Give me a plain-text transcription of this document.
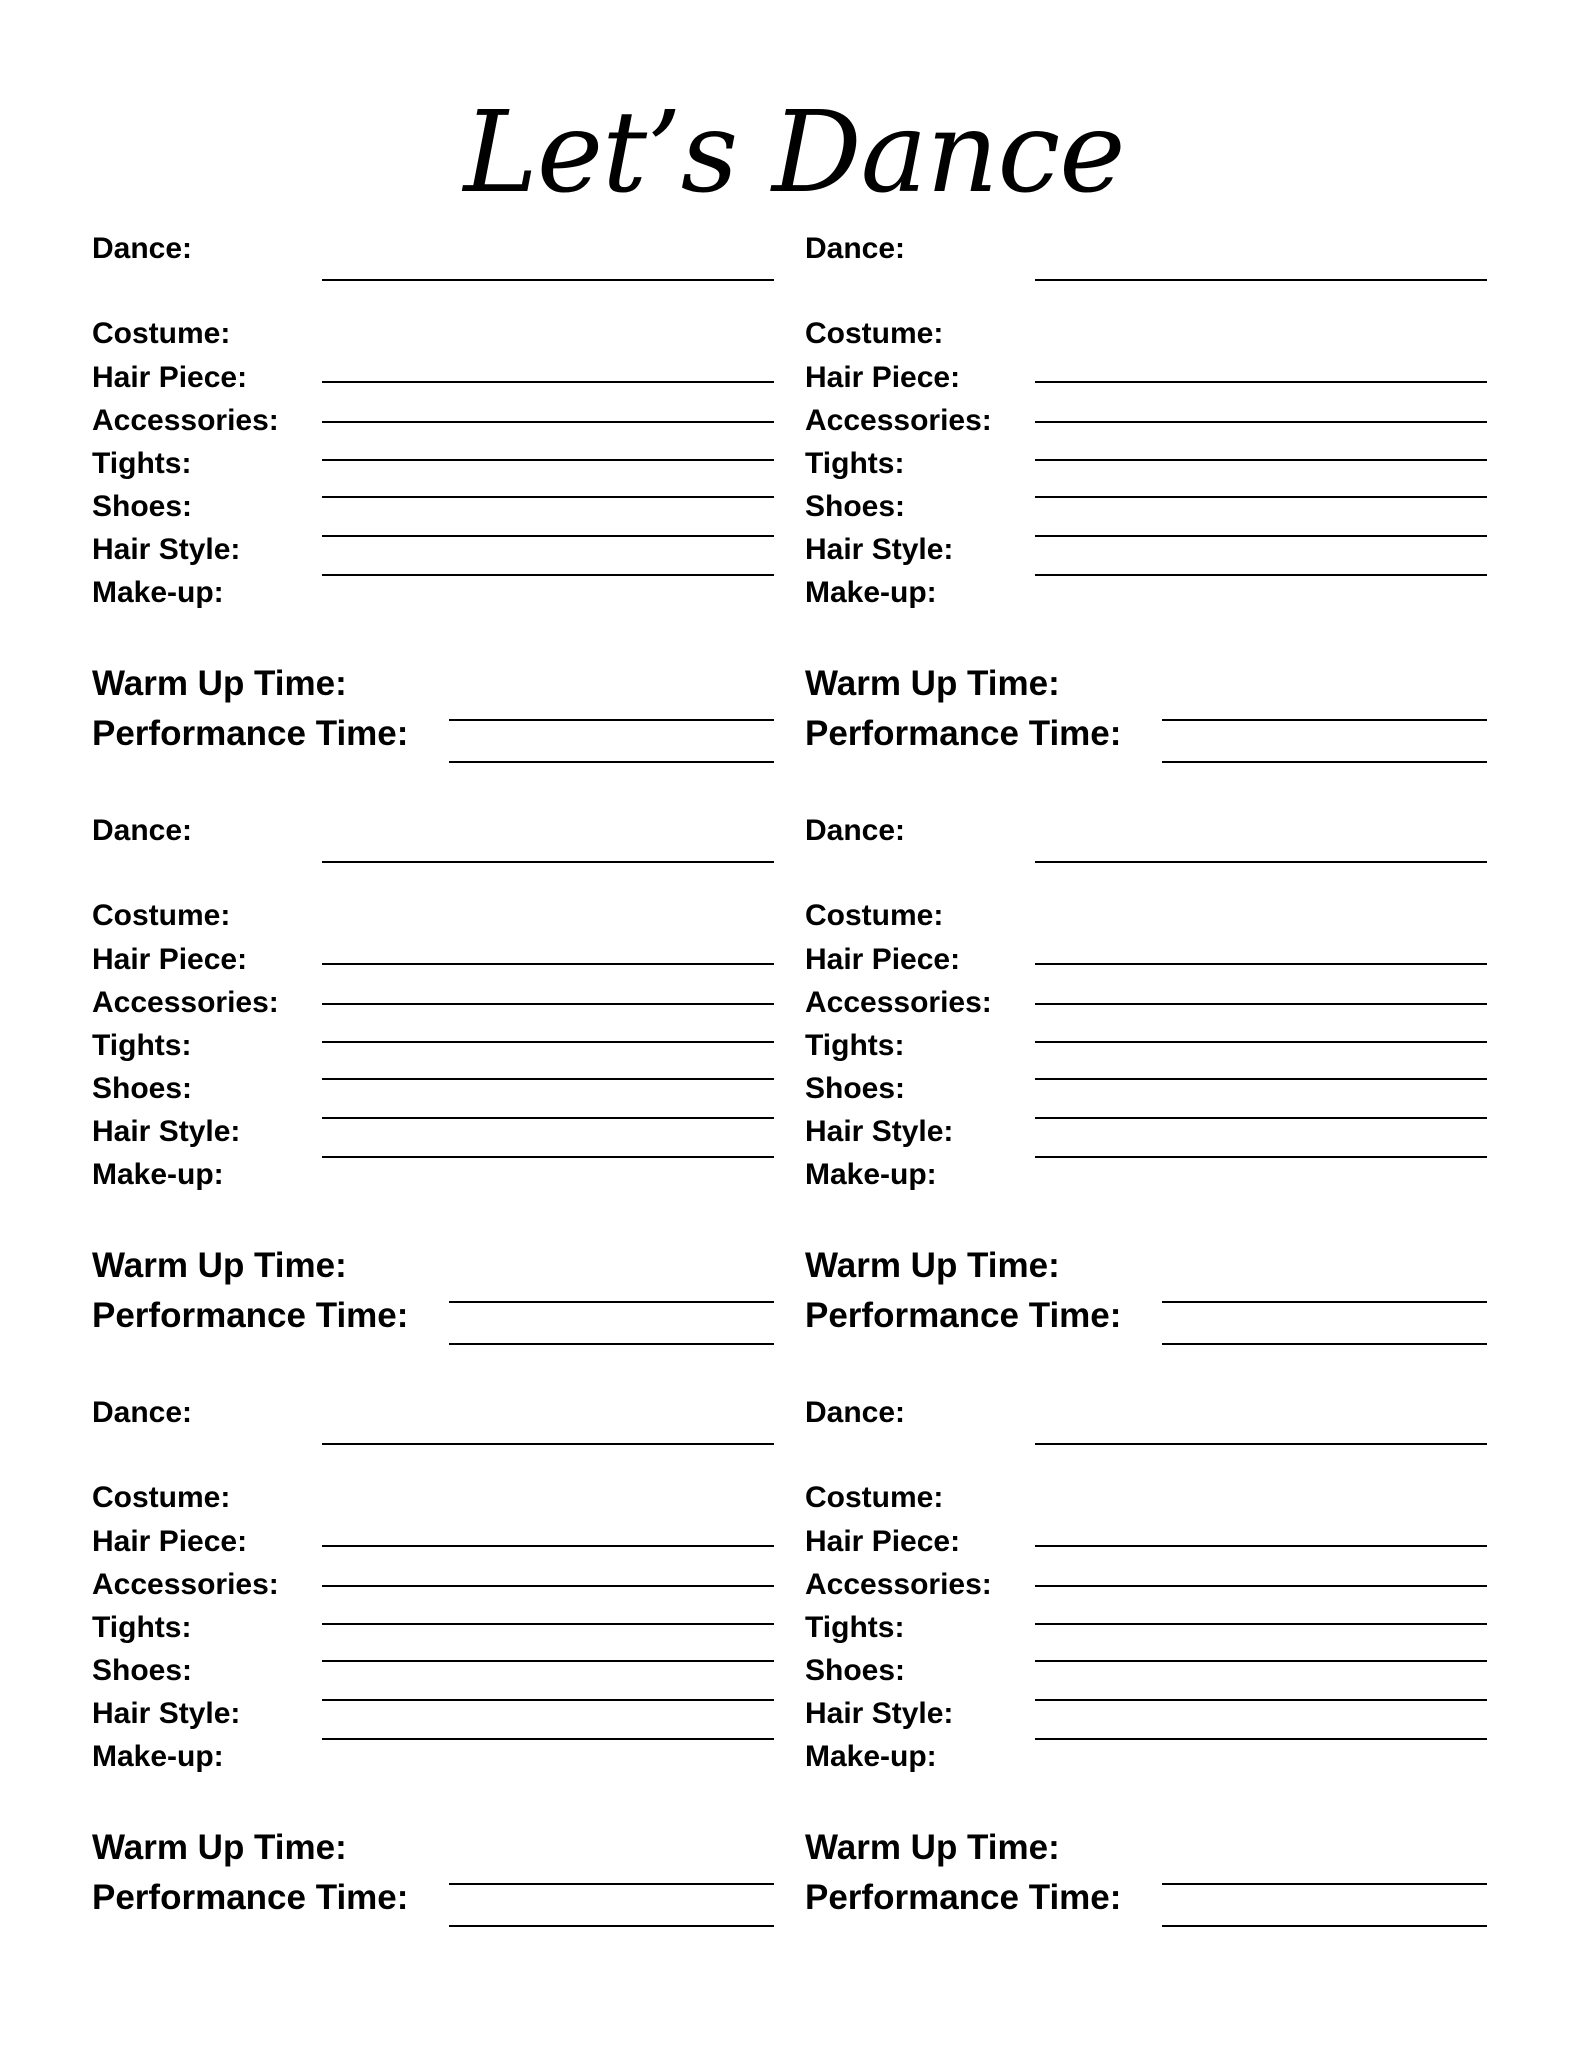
Let’s Dance
Dance:
Costume:
Hair Piece:
Accessories:
Tights:
Shoes:
Hair Style:
Make-up:
Warm Up Time:
Performance Time:
Dance:
Costume:
Hair Piece:
Accessories:
Tights:
Shoes:
Hair Style:
Make-up:
Warm Up Time:
Performance Time:
Dance:
Costume:
Hair Piece:
Accessories:
Tights:
Shoes:
Hair Style:
Make-up:
Warm Up Time:
Performance Time:
Dance:
Costume:
Hair Piece:
Accessories:
Tights:
Shoes:
Hair Style:
Make-up:
Warm Up Time:
Performance Time:
Dance:
Costume:
Hair Piece:
Accessories:
Tights:
Shoes:
Hair Style:
Make-up:
Warm Up Time:
Performance Time:
Dance:
Costume:
Hair Piece:
Accessories:
Tights:
Shoes:
Hair Style:
Make-up:
Warm Up Time:
Performance Time:
